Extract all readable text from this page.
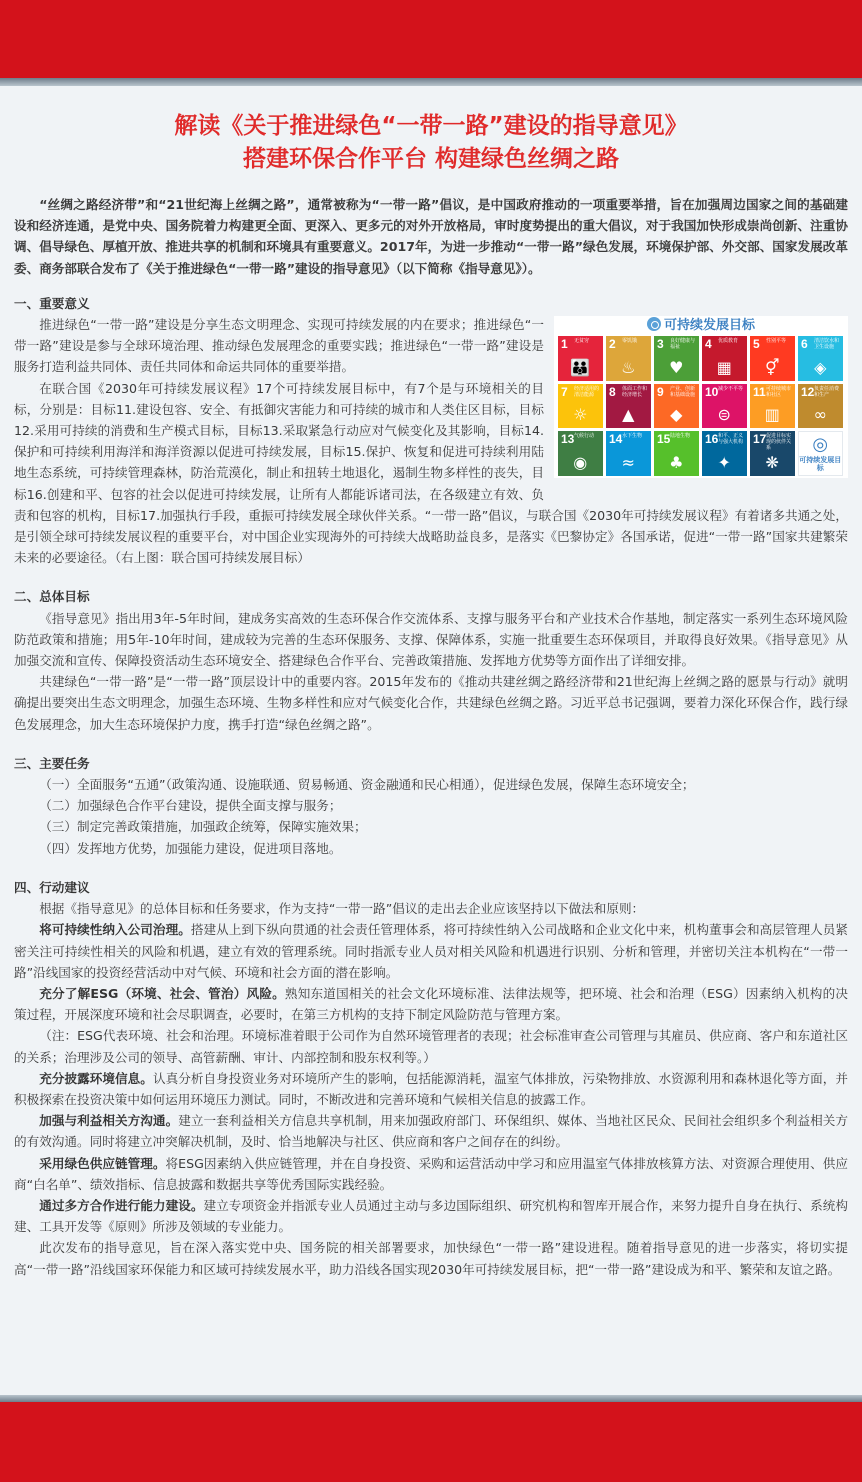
解读《关于推进绿色“一带一路”建设的指导意见》
搭建环保合作平台 构建绿色丝绸之路

“丝绸之路经济带”和“21世纪海上丝绸之路”，通常被称为“一带一路”倡议，是中国政府推动的一项重要举措，旨在加强周边国家之间的基础建设和经济连通，是党中央、国务院着力构建更全面、更深入、更多元的对外开放格局，审时度势提出的重大倡议，对于我国加快形成崇尚创新、注重协调、倡导绿色、厚植开放、推进共享的机制和环境具有重要意义。2017年，为进一步推动“一带一路”绿色发展，环境保护部、外交部、国家发展改革委、商务部联合发布了《关于推进绿色“一带一路”建设的指导意见》（以下简称《指导意见》）。

一、重要意义
可持续发展目标
1 无贫穷
👪
2 零饥饿
♨
3 良好健康与福祉
♥
4 优质教育
▦
5 性别平等
⚥
6 清洁饮水和卫生设施
◈
7 经济适用的清洁能源
☼
8 体面工作和经济增长
▲
9 产业、创新和基础设施
◆
10 减少不平等
⊜
11 可持续城市和社区
▥
12 负责任消费和生产
∞
13 气候行动
◉
14 水下生物
≈
15 陆地生物
♣
16 和平、正义与强大机构
✦
17 促进目标实现的伙伴关系
❋
◎
可持续发展目标

推进绿色“一带一路”建设是分享生态文明理念、实现可持续发展的内在要求；推进绿色“一带一路”建设是参与全球环境治理、推动绿色发展理念的重要实践；推进绿色“一带一路”建设是服务打造利益共同体、责任共同体和命运共同体的重要举措。

在联合国《2030年可持续发展议程》17个可持续发展目标中，有7个是与环境相关的目标，分别是：目标11.建设包容、安全、有抵御灾害能力和可持续的城市和人类住区目标，目标12.采用可持续的消费和生产模式目标，目标13.采取紧急行动应对气候变化及其影响，目标14.保护和可持续利用海洋和海洋资源以促进可持续发展，目标15.保护、恢复和促进可持续利用陆地生态系统，可持续管理森林，防治荒漠化，制止和扭转土地退化，遏制生物多样性的丧失，目标16.创建和平、包容的社会以促进可持续发展，让所有人都能诉诸司法，在各级建立有效、负责和包容的机构，目标17.加强执行手段，重振可持续发展全球伙伴关系。“一带一路”倡议，与联合国《2030年可持续发展议程》有着诸多共通之处，是引领全球可持续发展议程的重要平台，对中国企业实现海外的可持续大战略助益良多，是落实《巴黎协定》各国承诺，促进“一带一路”国家共建繁荣未来的必要途径。（右上图：联合国可持续发展目标）

二、总体目标

《指导意见》指出用3年-5年时间，建成务实高效的生态环保合作交流体系、支撑与服务平台和产业技术合作基地，制定落实一系列生态环境风险防范政策和措施；用5年-10年时间，建成较为完善的生态环保服务、支撑、保障体系，实施一批重要生态环保项目，并取得良好效果。《指导意见》从加强交流和宣传、保障投资活动生态环境安全、搭建绿色合作平台、完善政策措施、发挥地方优势等方面作出了详细安排。

共建绿色“一带一路”是“一带一路”顶层设计中的重要内容。2015年发布的《推动共建丝绸之路经济带和21世纪海上丝绸之路的愿景与行动》就明确提出要突出生态文明理念，加强生态环境、生物多样性和应对气候变化合作，共建绿色丝绸之路。习近平总书记强调，要着力深化环保合作，践行绿色发展理念，加大生态环境保护力度，携手打造“绿色丝绸之路”。

三、主要任务

（一）全面服务“五通”（政策沟通、设施联通、贸易畅通、资金融通和民心相通），促进绿色发展，保障生态环境安全；

（二）加强绿色合作平台建设，提供全面支撑与服务；

（三）制定完善政策措施，加强政企统筹，保障实施效果；

（四）发挥地方优势，加强能力建设，促进项目落地。

四、行动建议

根据《指导意见》的总体目标和任务要求，作为支持“一带一路”倡议的走出去企业应该坚持以下做法和原则：

将可持续性纳入公司治理。搭建从上到下纵向贯通的社会责任管理体系，将可持续性纳入公司战略和企业文化中来，机构董事会和高层管理人员紧密关注可持续性相关的风险和机遇，建立有效的管理系统。同时指派专业人员对相关风险和机遇进行识别、分析和管理，并密切关注本机构在“一带一路”沿线国家的投资经营活动中对气候、环境和社会方面的潜在影响。

充分了解ESG（环境、社会、管治）风险。熟知东道国相关的社会文化环境标准、法律法规等，把环境、社会和治理（ESG）因素纳入机构的决策过程，开展深度环境和社会尽职调查，必要时，在第三方机构的支持下制定风险防范与管理方案。

（注：ESG代表环境、社会和治理。环境标准着眼于公司作为自然环境管理者的表现；社会标准审查公司管理与其雇员、供应商、客户和东道社区的关系；治理涉及公司的领导、高管薪酬、审计、内部控制和股东权利等。）

充分披露环境信息。认真分析自身投资业务对环境所产生的影响，包括能源消耗，温室气体排放，污染物排放、水资源利用和森林退化等方面，并积极探索在投资决策中如何运用环境压力测试。同时，不断改进和完善环境和气候相关信息的披露工作。

加强与利益相关方沟通。建立一套利益相关方信息共享机制，用来加强政府部门、环保组织、媒体、当地社区民众、民间社会组织多个利益相关方的有效沟通。同时将建立冲突解决机制，及时、恰当地解决与社区、供应商和客户之间存在的纠纷。

采用绿色供应链管理。将ESG因素纳入供应链管理，并在自身投资、采购和运营活动中学习和应用温室气体排放核算方法、对资源合理使用、供应商“白名单”、绩效指标、信息披露和数据共享等优秀国际实践经验。

通过多方合作进行能力建设。建立专项资金并指派专业人员通过主动与多边国际组织、研究机构和智库开展合作，来努力提升自身在执行、系统构建、工具开发等《原则》所涉及领域的专业能力。

此次发布的指导意见，旨在深入落实党中央、国务院的相关部署要求，加快绿色“一带一路”建设进程。随着指导意见的进一步落实，将切实提高“一带一路”沿线国家环保能力和区域可持续发展水平，助力沿线各国实现2030年可持续发展目标，把“一带一路”建设成为和平、繁荣和友谊之路。
